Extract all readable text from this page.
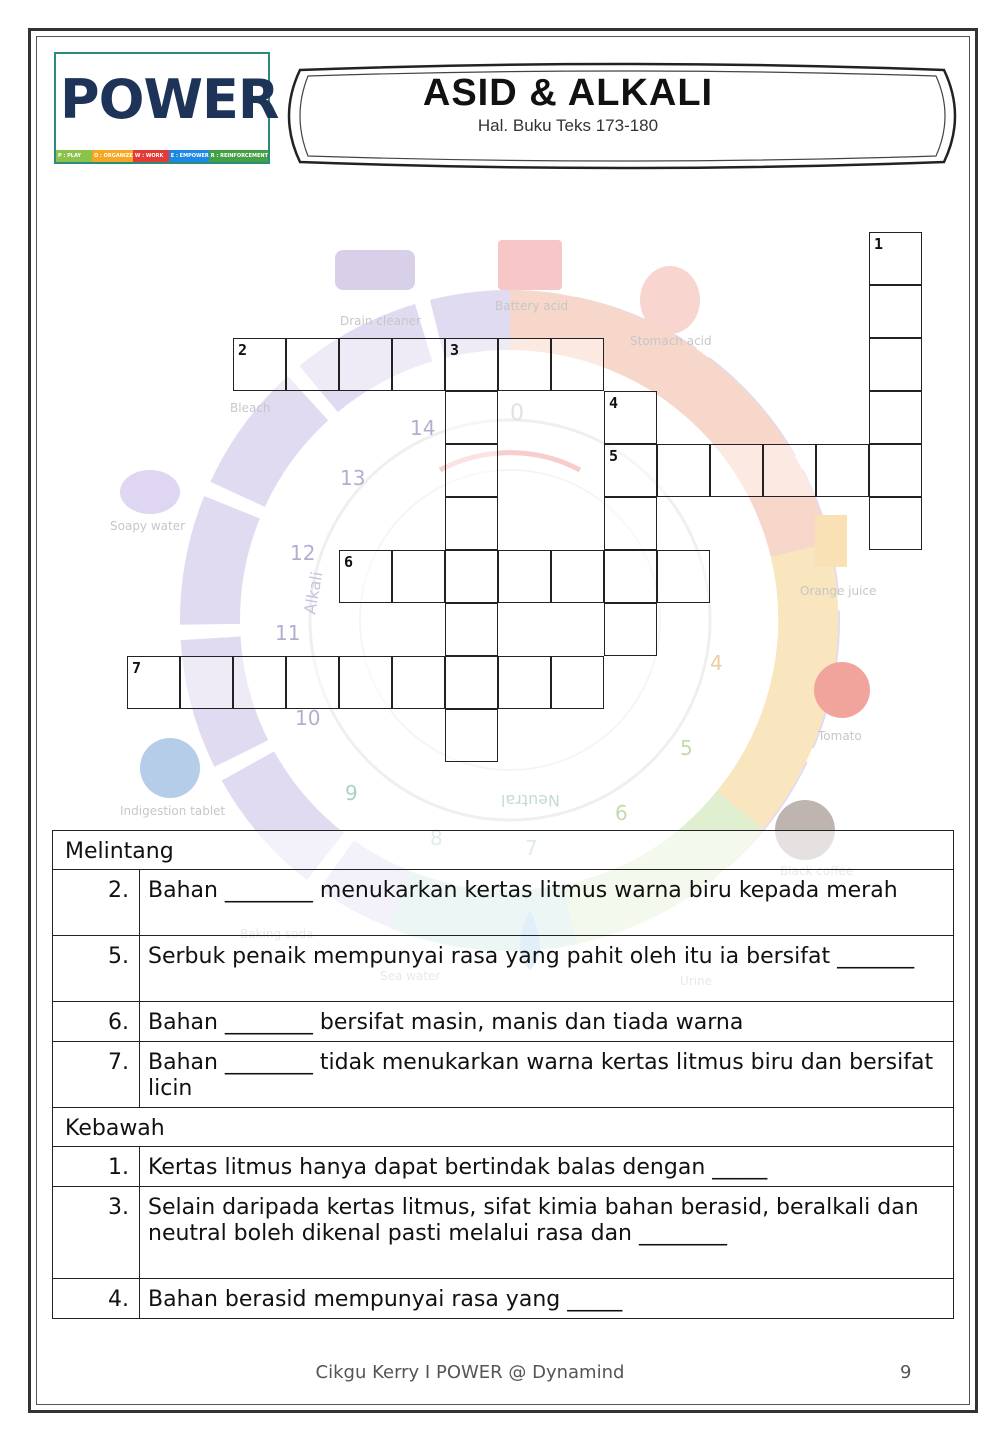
14
13
12
11
10
9
6
5
4
0
Alkali
Neutral
Drain cleaner
Battery acid
Stomach acid
Bleach
Soapy water
Orange juice
Tomato
Indigestion tablet
POWER
P : PLAY	O : ORGANIZE W : WORK	E : EMPOWER R : REINFORCEMENT
ASID & ALKALI
Hal. Buku Teks 173-180
1
2	3
4
5
6
7
Melintang	
2.	Bahan ________ menukarkan kertas litmus warna biru kepada merah
5.	Serbuk penaik mempunyai rasa yang pahit oleh itu ia bersifat _______
6.	Bahan ________ bersifat masin, manis dan tiada warna
7.	Bahan ________ tidak menukarkan warna kertas litmus biru dan bersifat licin
Kebawah	
1.	Kertas litmus hanya dapat bertindak balas dengan _____
3.	Selain daripada kertas litmus, sifat kimia bahan berasid, beralkali dan neutral boleh dikenal pasti melalui rasa dan ________
4.	Bahan berasid mempunyai rasa yang _____
Cikgu Kerry I POWER @ Dynamind	9
